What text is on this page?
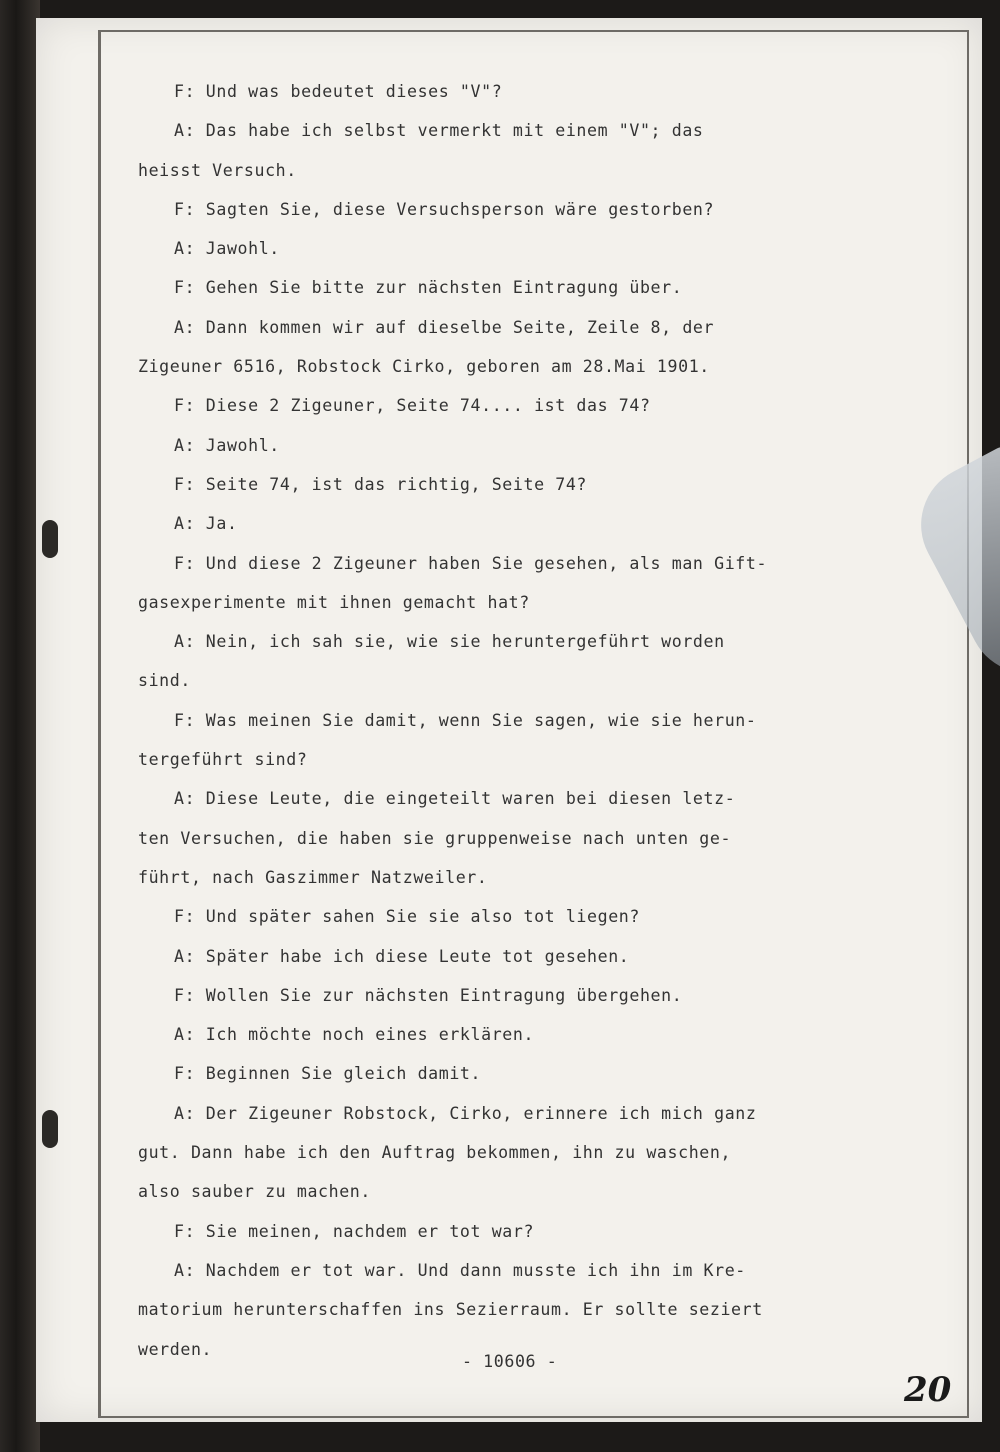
F: Und was bedeutet dieses "V"?
A: Das habe ich selbst vermerkt mit einem "V"; das
heisst Versuch.
F: Sagten Sie, diese Versuchsperson wäre gestorben?
A: Jawohl.
F: Gehen Sie bitte zur nächsten Eintragung über.
A: Dann kommen wir auf dieselbe Seite, Zeile 8, der
Zigeuner 6516, Robstock Cirko, geboren am 28.Mai 1901.
F: Diese 2 Zigeuner, Seite 74.... ist das 74?
A: Jawohl.
F: Seite 74, ist das richtig, Seite 74?
A: Ja.
F: Und diese 2 Zigeuner haben Sie gesehen, als man Gift-
gasexperimente mit ihnen gemacht hat?
A: Nein, ich sah sie, wie sie heruntergeführt worden
sind.
F: Was meinen Sie damit, wenn Sie sagen, wie sie herun-
tergeführt sind?
A: Diese Leute, die eingeteilt waren bei diesen letz-
ten Versuchen, die haben sie gruppenweise nach unten ge-
führt, nach Gaszimmer Natzweiler.
F: Und später sahen Sie sie also tot liegen?
A: Später habe ich diese Leute tot gesehen.
F: Wollen Sie zur nächsten Eintragung übergehen.
A: Ich möchte noch eines erklären.
F: Beginnen Sie gleich damit.
A: Der Zigeuner Robstock, Cirko, erinnere ich mich ganz
gut. Dann habe ich den Auftrag bekommen, ihn zu waschen,
also sauber zu machen.
F: Sie meinen, nachdem er tot war?
A: Nachdem er tot war. Und dann musste ich ihn im Kre-
matorium herunterschaffen ins Sezierraum. Er sollte seziert
werden.
- 10606 -
20
